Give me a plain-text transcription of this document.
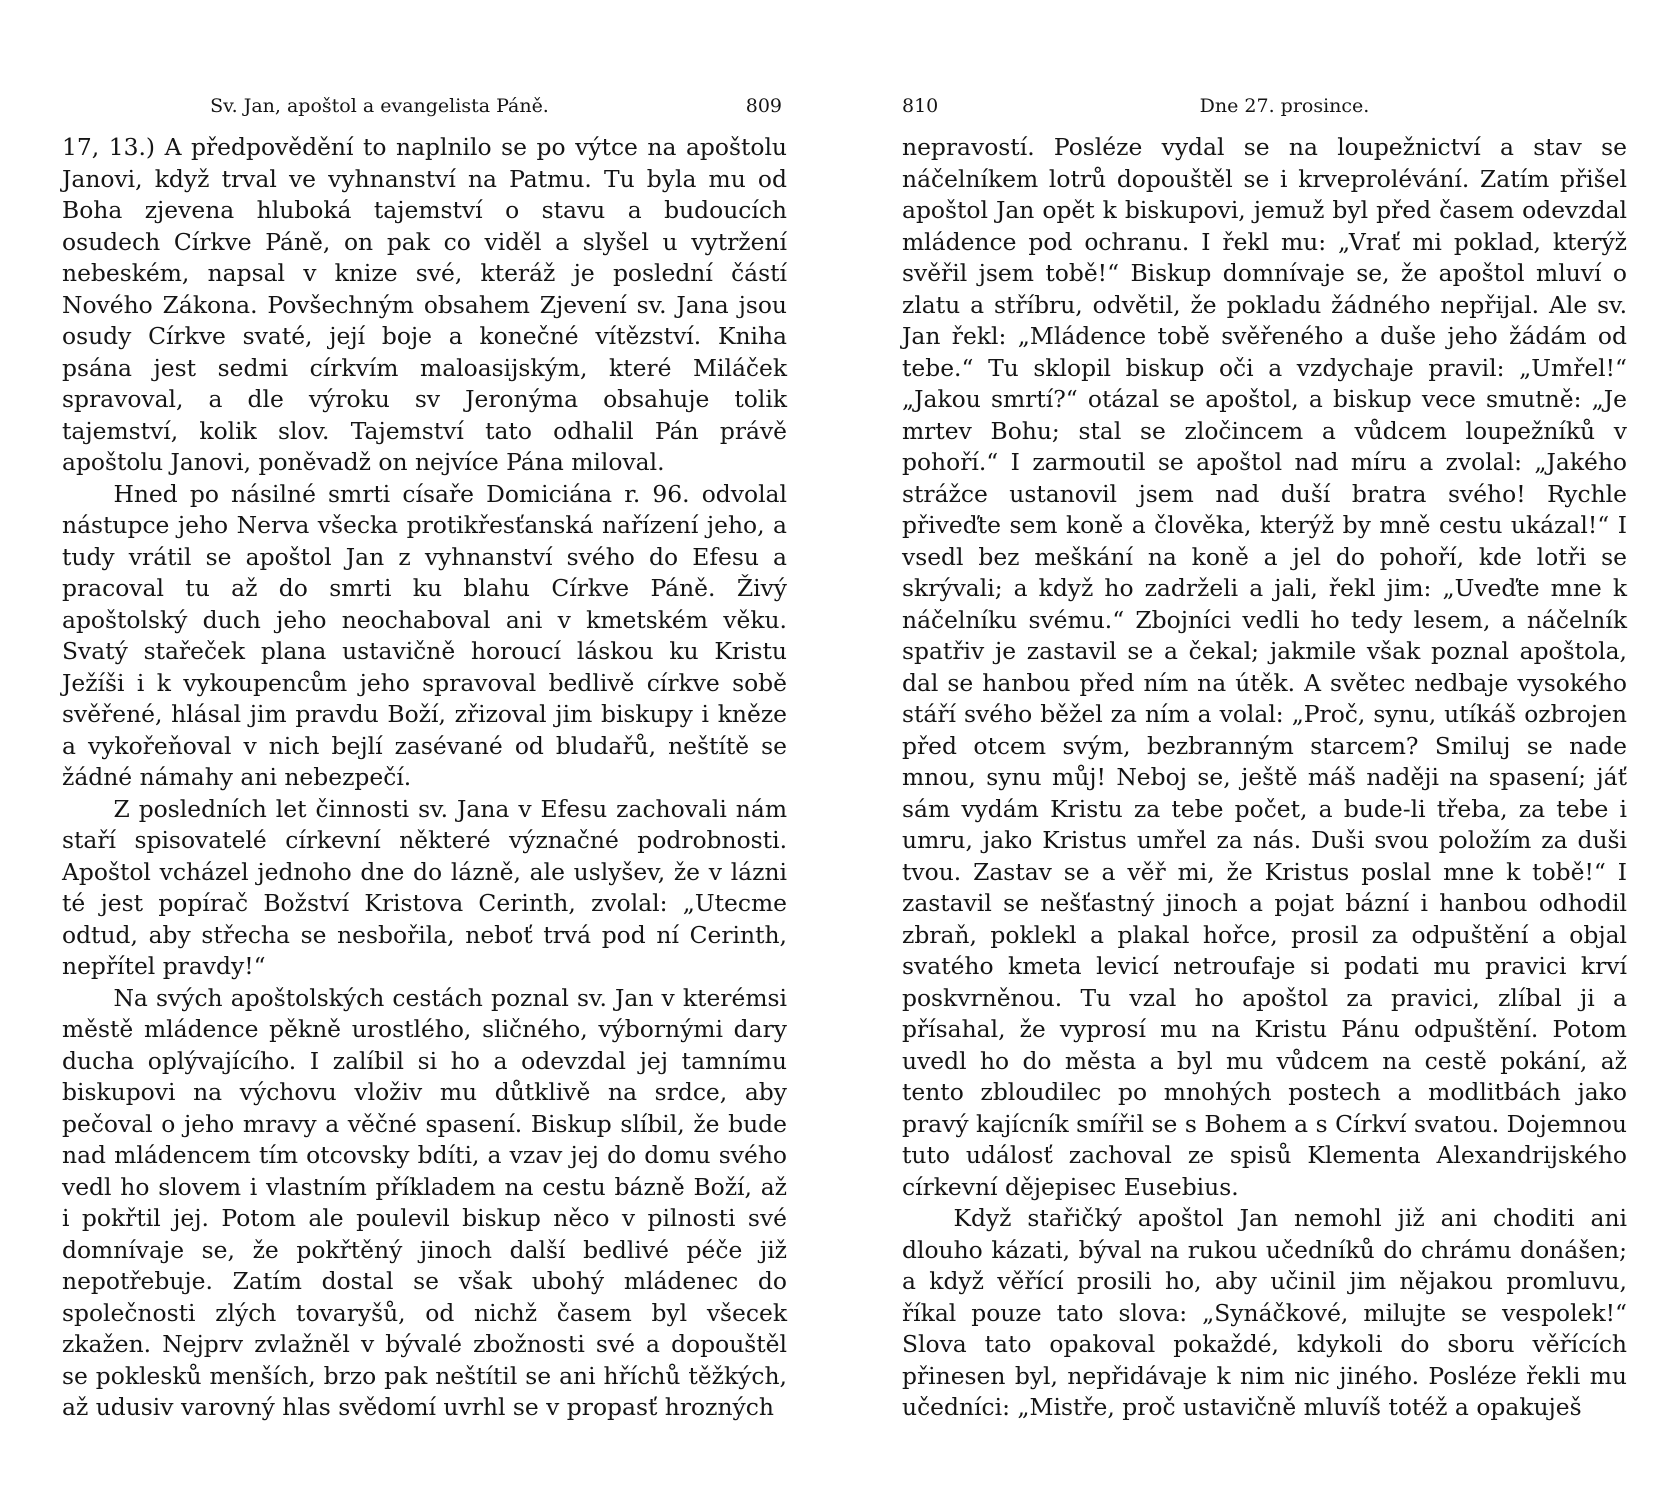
Sv. Jan, apoštol a evangelista Páně.	809

17, 13.) A předpovědění to naplnilo se po výtce na apoštolu Janovi, když trval ve vyhnanství na Patmu. Tu byla mu od Boha zjevena hluboká tajemství o stavu a budoucích osudech Církve Páně, on pak co viděl a slyšel u vytržení nebeském, napsal v knize své, kteráž je poslední částí Nového Zákona. Povšechným obsahem Zjevení sv. Jana jsou osudy Církve svaté, její boje a konečné vítězství. Kniha psána jest sedmi církvím maloasijským, které Miláček spravoval, a dle výroku sv Jeronýma obsahuje tolik tajemství, kolik slov. Tajemství tato odhalil Pán právě apoštolu Janovi, poněvadž on nejvíce Pána miloval.

Hned po násilné smrti císaře Domiciána r. 96. odvolal nástupce jeho Nerva všecka protikřesťanská nařízení jeho, a tudy vrátil se apoštol Jan z vyhnanství svého do Efesu a pracoval tu až do smrti ku blahu Církve Páně. Živý apoštolský duch jeho neochaboval ani v kmetském věku. Svatý stařeček plana ustavičně horoucí láskou ku Kristu Ježíši i k vykoupencům jeho spravoval bedlivě církve sobě svěřené, hlásal jim pravdu Boží, zřizoval jim biskupy i kněze a vykořeňoval v nich bejlí zasévané od bludařů, neštítě se žádné námahy ani nebezpečí.

Z posledních let činnosti sv. Jana v Efesu zachovali nám staří spisovatelé církevní některé význačné podrobnosti. Apoštol vcházel jednoho dne do lázně, ale uslyšev, že v lázni té jest popírač Božství Kristova Cerinth, zvolal: „Utecme odtud, aby střecha se nesbořila, neboť trvá pod ní Cerinth, nepřítel pravdy!“

Na svých apoštolských cestách poznal sv. Jan v kterémsi městě mládence pěkně urostlého, sličného, výbornými dary ducha oplývajícího. I zalíbil si ho a odevzdal jej tamnímu biskupovi na výchovu vloživ mu důtklivě na srdce, aby pečoval o jeho mravy a věčné spasení. Biskup slíbil, že bude nad mládencem tím otcovsky bdíti, a vzav jej do domu svého vedl ho slovem i vlastním příkladem na cestu bázně Boží, až i pokřtil jej. Potom ale poulevil biskup něco v pilnosti své domnívaje se, že pokřtěný jinoch další bedlivé péče již nepotřebuje. Zatím dostal se však ubohý mládenec do společnosti zlých tovaryšů, od nichž časem byl všecek zkažen. Nejprv zvlažněl v bývalé zbožnosti své a dopouštěl se poklesků menších, brzo pak neštítil se ani hříchů těžkých, až udusiv varovný hlas svědomí uvrhl se v propasť hrozných

810	Dne 27. prosince.

nepravostí. Posléze vydal se na loupežnictví a stav se náčelníkem lotrů dopouštěl se i krveprolévání. Zatím přišel apoštol Jan opět k biskupovi, jemuž byl před časem odevzdal mládence pod ochranu. I řekl mu: „Vrať mi poklad, kterýž svěřil jsem tobě!“ Biskup domnívaje se, že apoštol mluví o zlatu a stříbru, odvětil, že pokladu žádného nepřijal. Ale sv. Jan řekl: „Mládence tobě svěřeného a duše jeho žádám od tebe.“ Tu sklopil biskup oči a vzdychaje pravil: „Umřel!“ „Jakou smrtí?“ otázal se apoštol, a biskup vece smutně: „Je mrtev Bohu; stal se zločincem a vůdcem loupežníků v pohoří.“ I zarmoutil se apoštol nad míru a zvolal: „Jakého strážce ustanovil jsem nad duší bratra svého! Rychle přiveďte sem koně a člověka, kterýž by mně cestu ukázal!“ I vsedl bez meškání na koně a jel do pohoří, kde lotři se skrývali; a když ho zadrželi a jali, řekl jim: „Uveďte mne k náčelníku svému.“ Zbojníci vedli ho tedy lesem, a náčelník spatřiv je zastavil se a čekal; jakmile však poznal apoštola, dal se hanbou před ním na útěk. A světec nedbaje vysokého stáří svého běžel za ním a volal: „Proč, synu, utíkáš ozbrojen před otcem svým, bezbranným starcem? Smiluj se nade mnou, synu můj! Neboj se, ještě máš naději na spasení; jáť sám vydám Kristu za tebe počet, a bude-li třeba, za tebe i umru, jako Kristus umřel za nás. Duši svou položím za duši tvou. Zastav se a věř mi, že Kristus poslal mne k tobě!“ I zastavil se nešťastný jinoch a pojat bázní i hanbou odhodil zbraň, poklekl a plakal hořce, prosil za odpuštění a objal svatého kmeta levicí netroufaje si podati mu pravici krví poskvrněnou. Tu vzal ho apoštol za pravici, zlíbal ji a přísahal, že vyprosí mu na Kristu Pánu odpuštění. Potom uvedl ho do města a byl mu vůdcem na cestě pokání, až tento zbloudilec po mnohých postech a modlitbách jako pravý kajícník smířil se s Bohem a s Církví svatou. Dojemnou tuto událosť zachoval ze spisů Klementa Alexandrijského církevní dějepisec Eusebius.

Když stařičký apoštol Jan nemohl již ani choditi ani dlouho kázati, býval na rukou učedníků do chrámu donášen; a když věřící prosili ho, aby učinil jim nějakou promluvu, říkal pouze tato slova: „Synáčkové, milujte se vespolek!“ Slova tato opakoval pokaždé, kdykoli do sboru věřících přinesen byl, nepřidávaje k nim nic jiného. Posléze řekli mu učedníci: „Mistře, proč ustavičně mluvíš totéž a opakuješ
